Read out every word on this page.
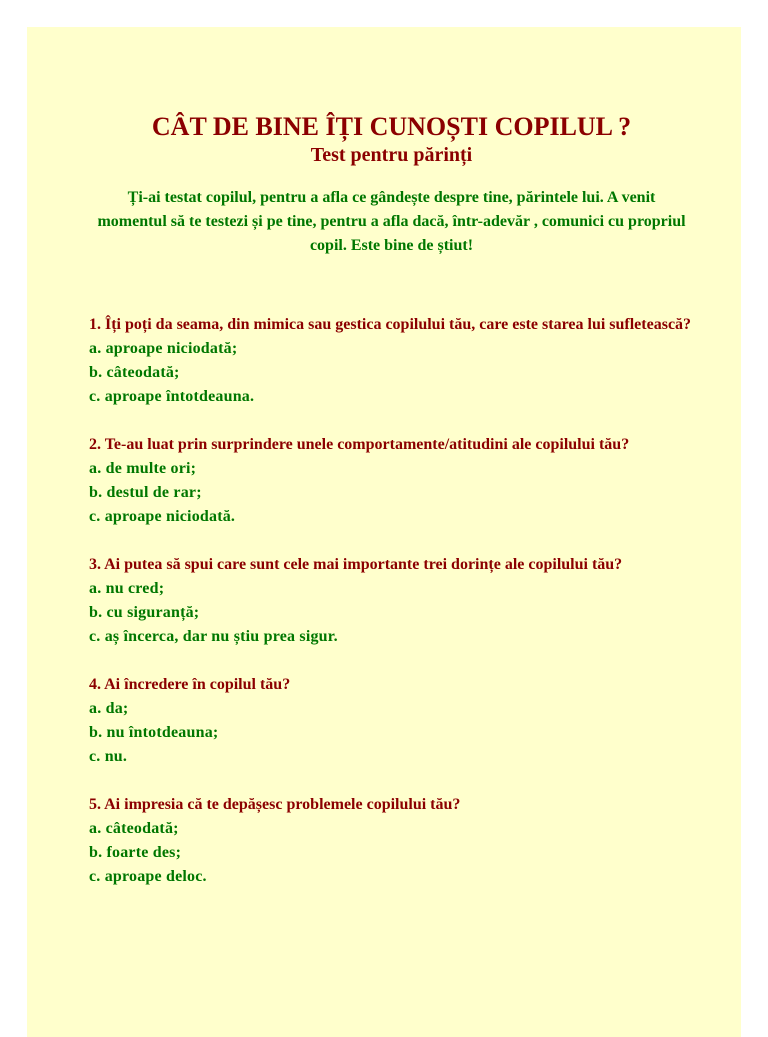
CÂT DE BINE ÎȚI CUNOȘTI COPILUL ?
Test pentru părinți

Ți-ai testat copilul, pentru a afla ce gândește despre tine, părintele lui. A venit momentul să te testezi și pe tine, pentru a afla dacă, într-adevăr , comunici cu propriul copil. Este bine de știut!

1. Îți poți da seama, din mimica sau gestica copilului tău, care este starea lui sufletească?

a. aproape niciodată;

b. câteodată;

c. aproape întotdeauna.

2. Te-au luat prin surprindere unele comportamente/atitudini ale copilului tău?

a. de multe ori;

b. destul de rar;

c. aproape niciodată.

3. Ai putea să spui care sunt cele mai importante trei dorințe ale copilului tău?

a. nu cred;

b. cu siguranță;

c. aș încerca, dar nu știu prea sigur.

4. Ai încredere în copilul tău?

a. da;

b. nu întotdeauna;

c. nu.

5. Ai impresia că te depășesc problemele copilului tău?

a. câteodată;

b. foarte des;

c. aproape deloc.
